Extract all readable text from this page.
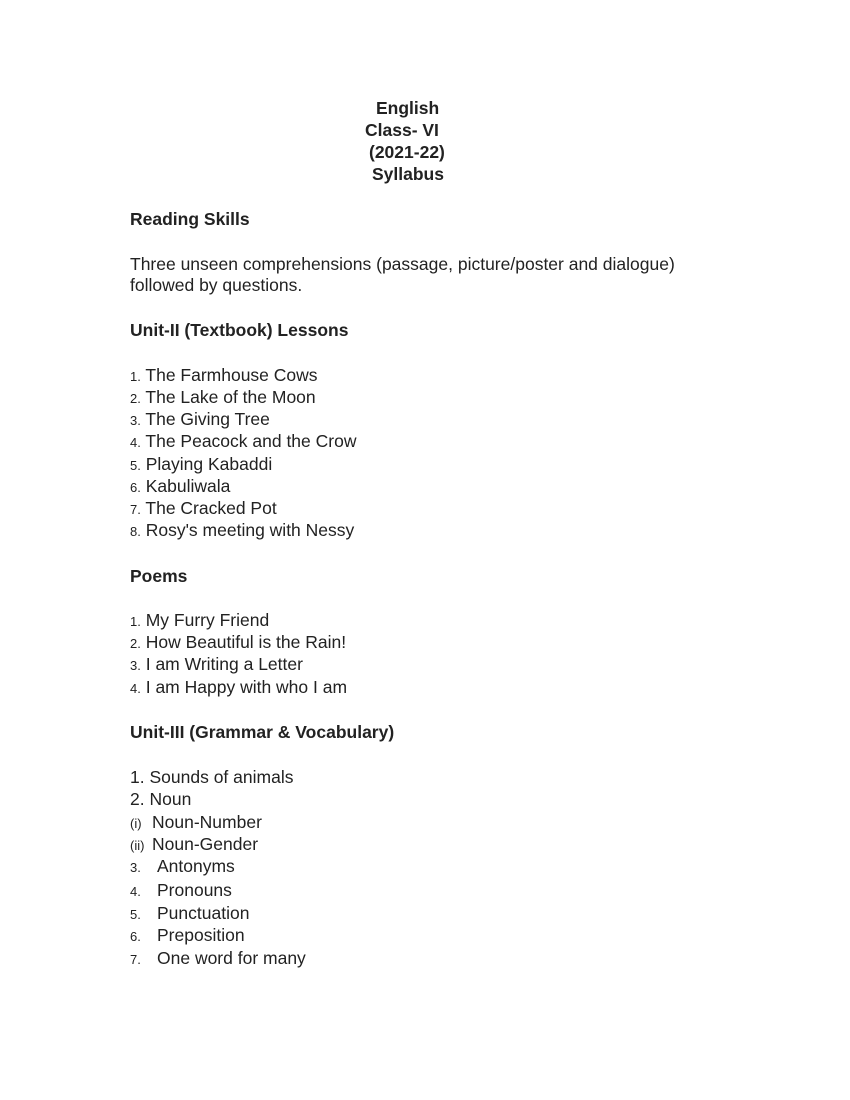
English
Class- VI
(2021-22)
Syllabus
Reading Skills
Three unseen comprehensions (passage, picture/poster and dialogue)
followed by questions.
Unit-II (Textbook) Lessons
1. The Farmhouse Cows
2. The Lake of the Moon
3. The Giving Tree
4. The Peacock and the Crow
5. Playing Kabaddi
6. Kabuliwala
7. The Cracked Pot
8. Rosy's meeting with Nessy
Poems
1. My Furry Friend
2. How Beautiful is the Rain!
3. I am Writing a Letter
4. I am Happy with who I am
Unit-III (Grammar & Vocabulary)
1. Sounds of animals
2. Noun
(i) Noun-Number
(ii) Noun-Gender
3. Antonyms
4. Pronouns
5. Punctuation
6. Preposition
7. One word for many
